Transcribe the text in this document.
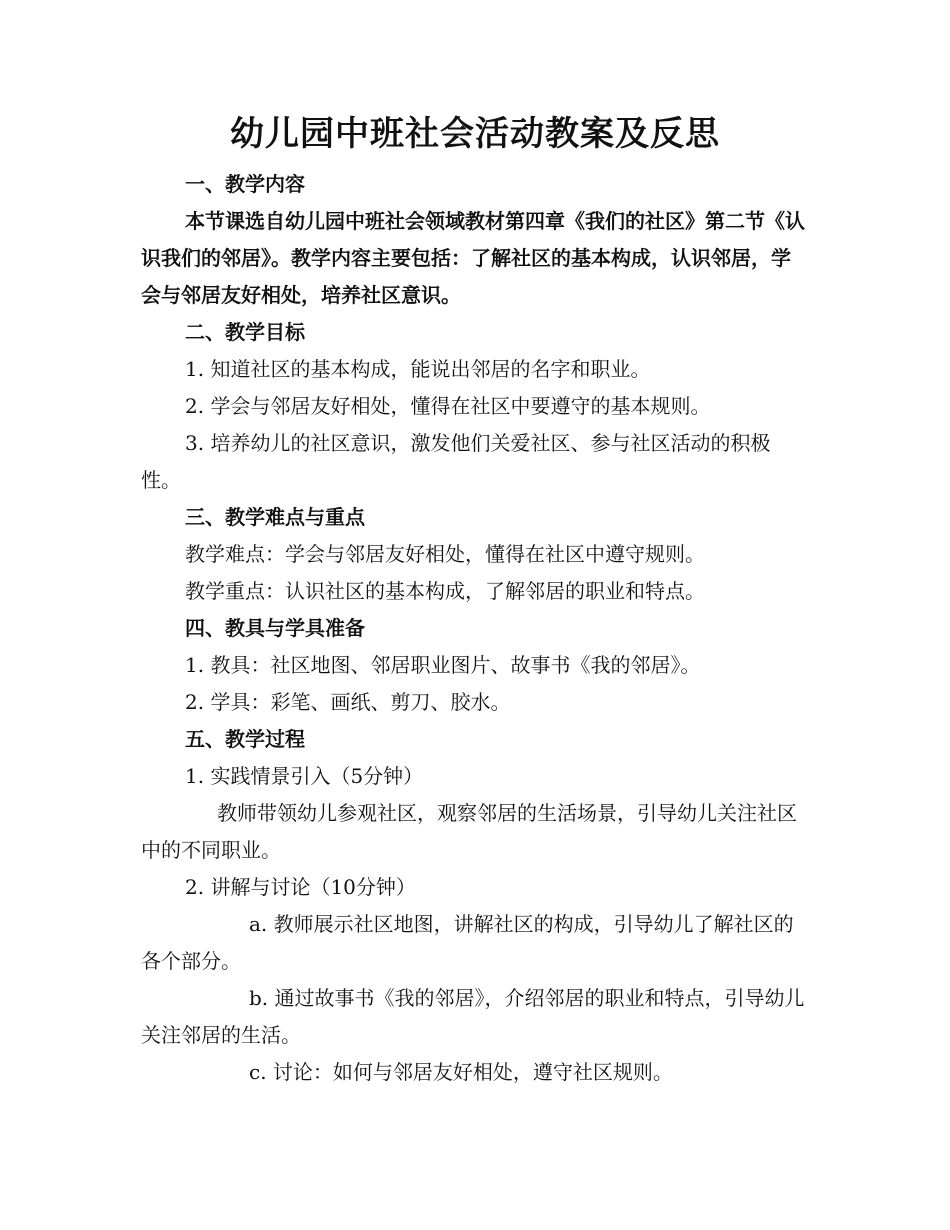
幼儿园中班社会活动教案及反思

一、教学内容

本节课选自幼儿园中班社会领域教材第四章《我们的社区》第二节《认识我们的邻居》。教学内容主要包括：了解社区的基本构成，认识邻居，学会与邻居友好相处，培养社区意识。

二、教学目标

1. 知道社区的基本构成，能说出邻居的名字和职业。

2. 学会与邻居友好相处，懂得在社区中要遵守的基本规则。

3. 培养幼儿的社区意识，激发他们关爱社区、参与社区活动的积极性。

三、教学难点与重点

教学难点：学会与邻居友好相处，懂得在社区中遵守规则。

教学重点：认识社区的基本构成，了解邻居的职业和特点。

四、教具与学具准备

1. 教具：社区地图、邻居职业图片、故事书《我的邻居》。

2. 学具：彩笔、画纸、剪刀、胶水。

五、教学过程

1. 实践情景引入（5分钟）

教师带领幼儿参观社区，观察邻居的生活场景，引导幼儿关注社区中的不同职业。

2. 讲解与讨论（10分钟）

a. 教师展示社区地图，讲解社区的构成，引导幼儿了解社区的各个部分。

b. 通过故事书《我的邻居》，介绍邻居的职业和特点，引导幼儿关注邻居的生活。

c. 讨论：如何与邻居友好相处，遵守社区规则。
